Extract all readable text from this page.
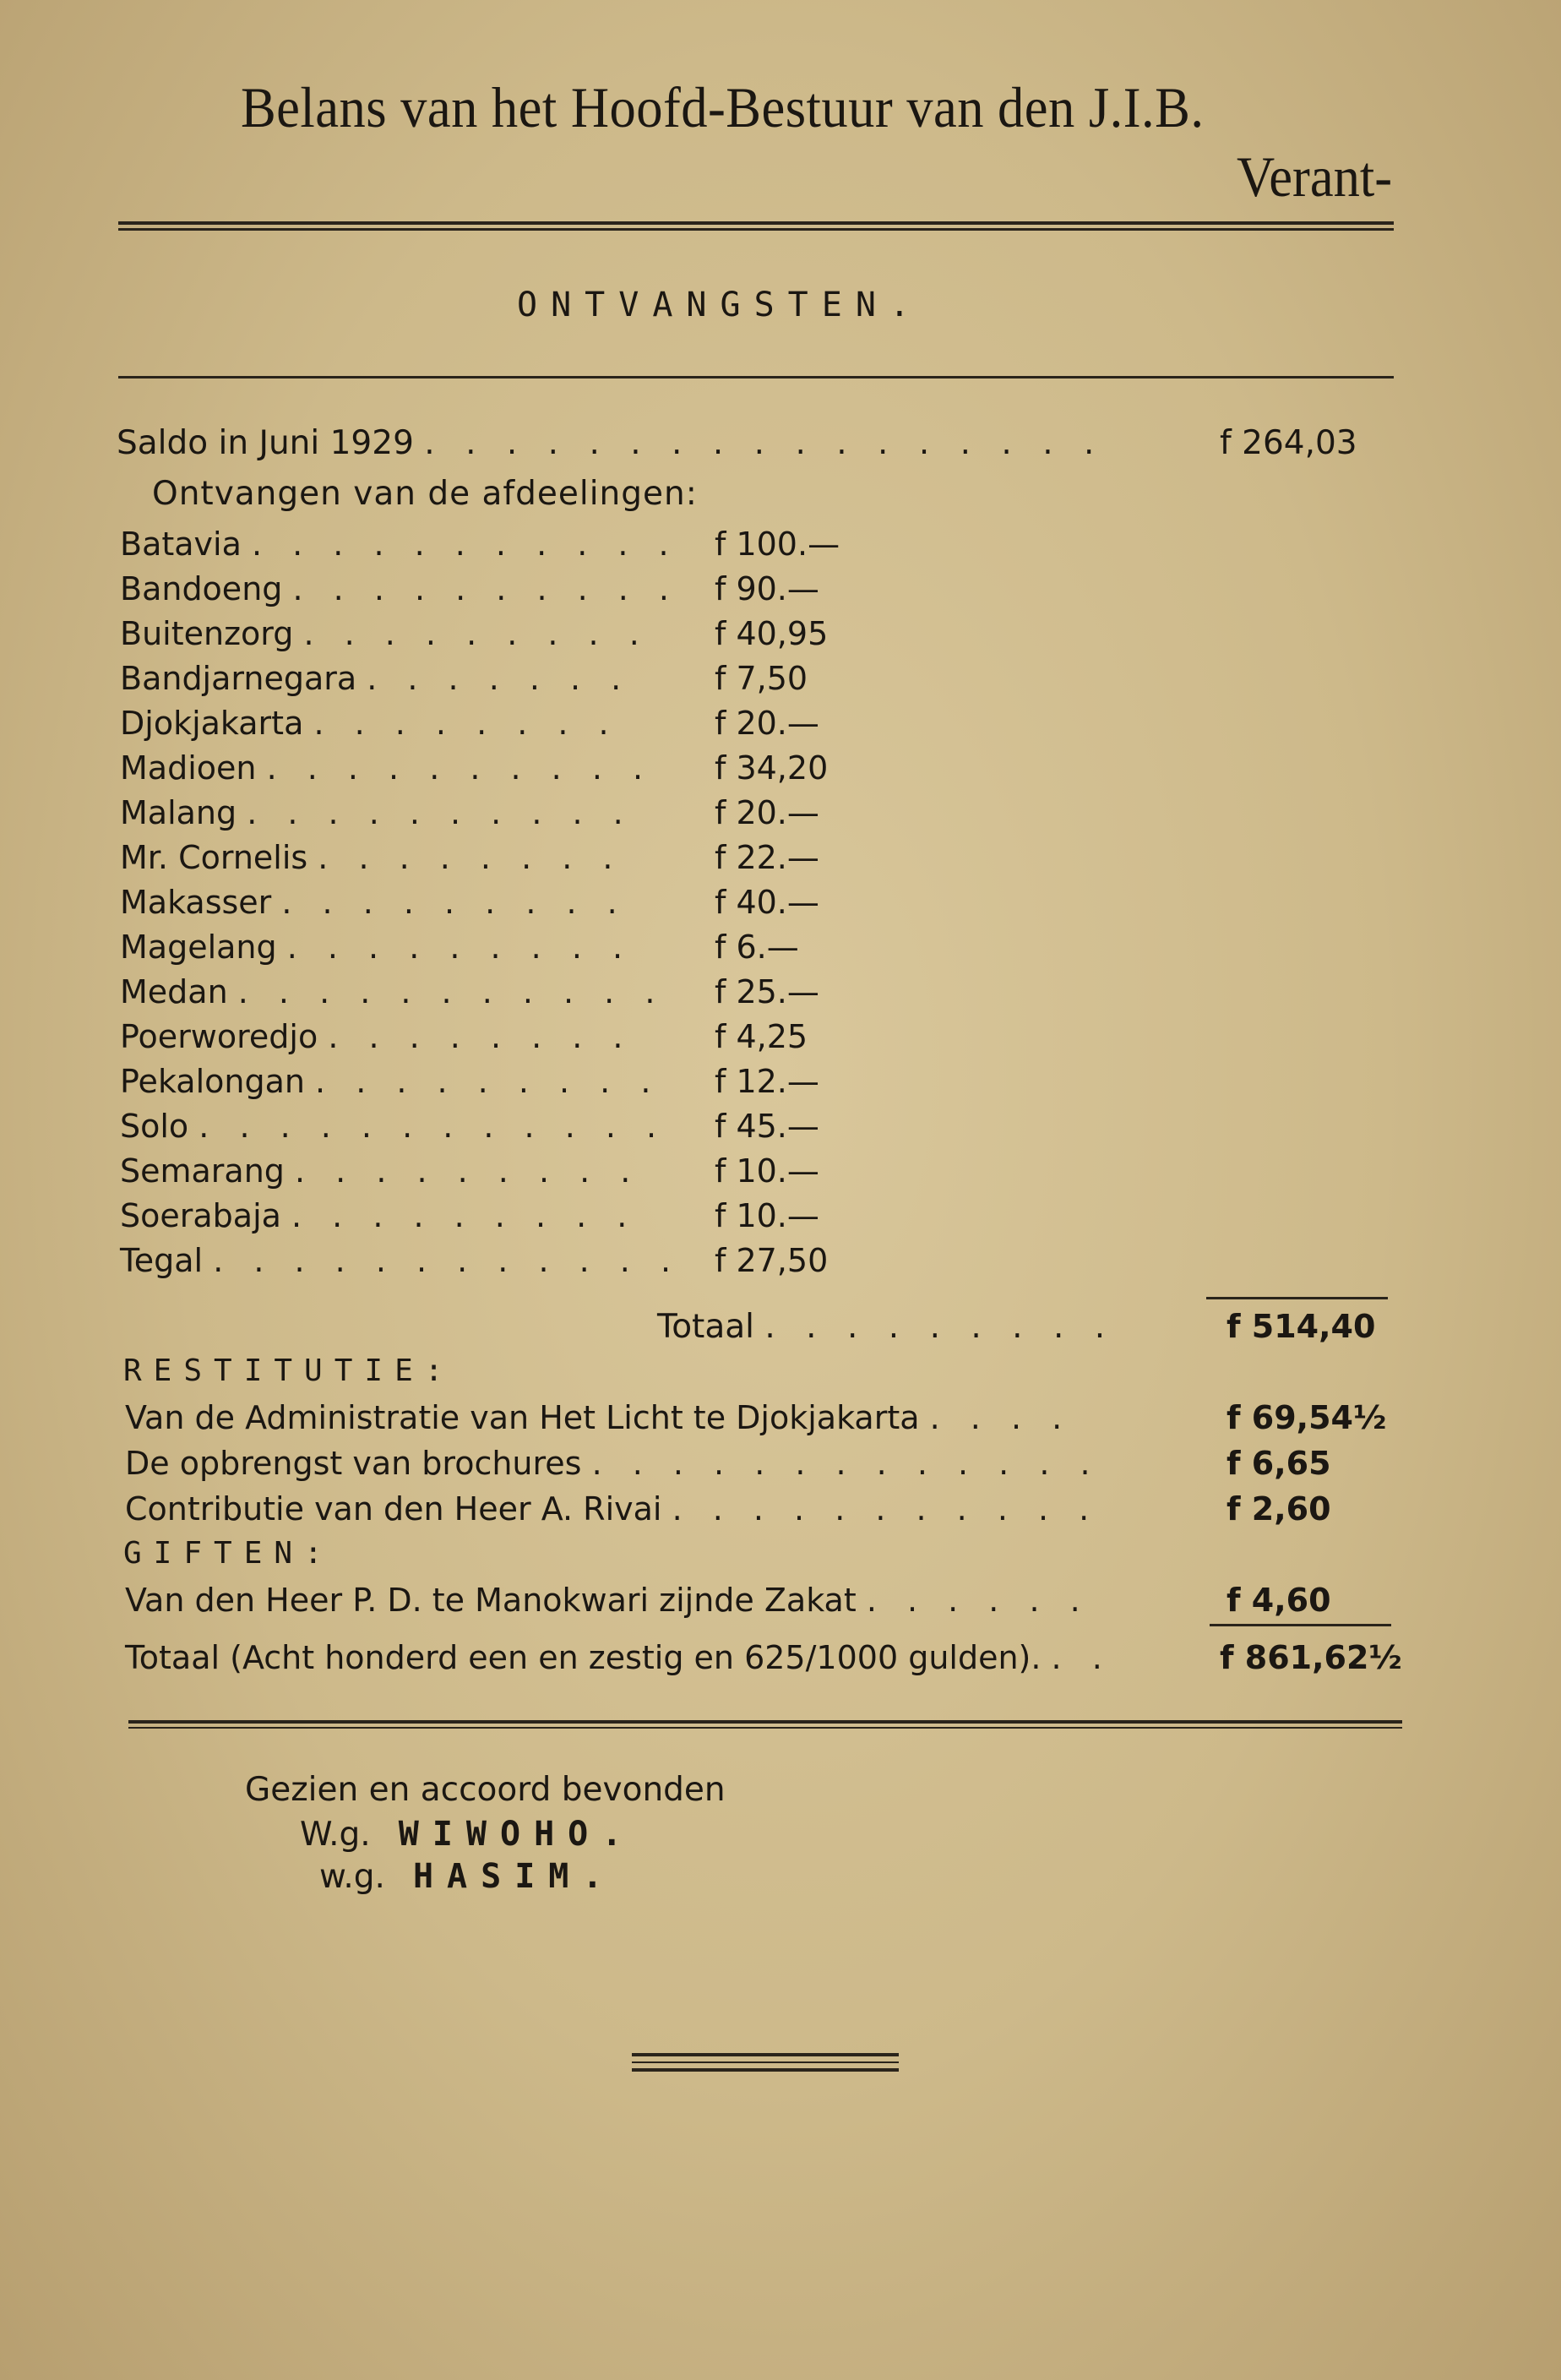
Belans van het Hoofd-Bestuur van den J.I.B.
Verant-
ONTVANGSTEN.
Saldo in Juni 1929 . . . . . . . . . . . . . . . . .	f 264,03
Ontvangen van de afdeelingen:
Batavia . . . . . . . . . . . f 100.—
Bandoeng . . . . . . . . . . f 90.—
Buitenzorg . . . . . . . . . f 40,95
Bandjarnegara . . . . . . .	f 7,50
Djokjakarta . . . . . . . .	f 20.—
Madioen . . . . . . . . . . f 34,20
Malang . . . . . . . . . .	f 20.—
Mr. Cornelis . . . . . . . .	f 22.—
Makasser . . . . . . . . .	f 40.—
Magelang . . . . . . . . .	f 6.—
Medan . . . . . . . . . . . f 25.—
Poerworedjo . . . . . . . .	f 4,25
Pekalongan . . . . . . . . . f 12.—
Solo . . . . . . . . . . . . f 45.—
Semarang . . . . . . . . . f 10.—
Soerabaja . . . . . . . . . f 10.—
Tegal . . . . . . . . . . . . f 27,50
Totaal . . . . . . . . .	f 514,40
RESTITUTIE:
Van de Administratie van Het Licht te Djokjakarta . . . .	f 69,54½
De opbrengst van brochures . . . . . . . . . . . . .	f 6,65
Contributie van den Heer A. Rivai . . . . . . . . . . .	f 2,60
GIFTEN:
Van den Heer P. D. te Manokwari zijnde Zakat . . . . . .	f 4,60
Totaal (Acht honderd een en zestig en 625/1000 gulden). . .	f 861,62½
Gezien en accoord bevonden
W.g. WIWOHO.
w.g. HASIM.
